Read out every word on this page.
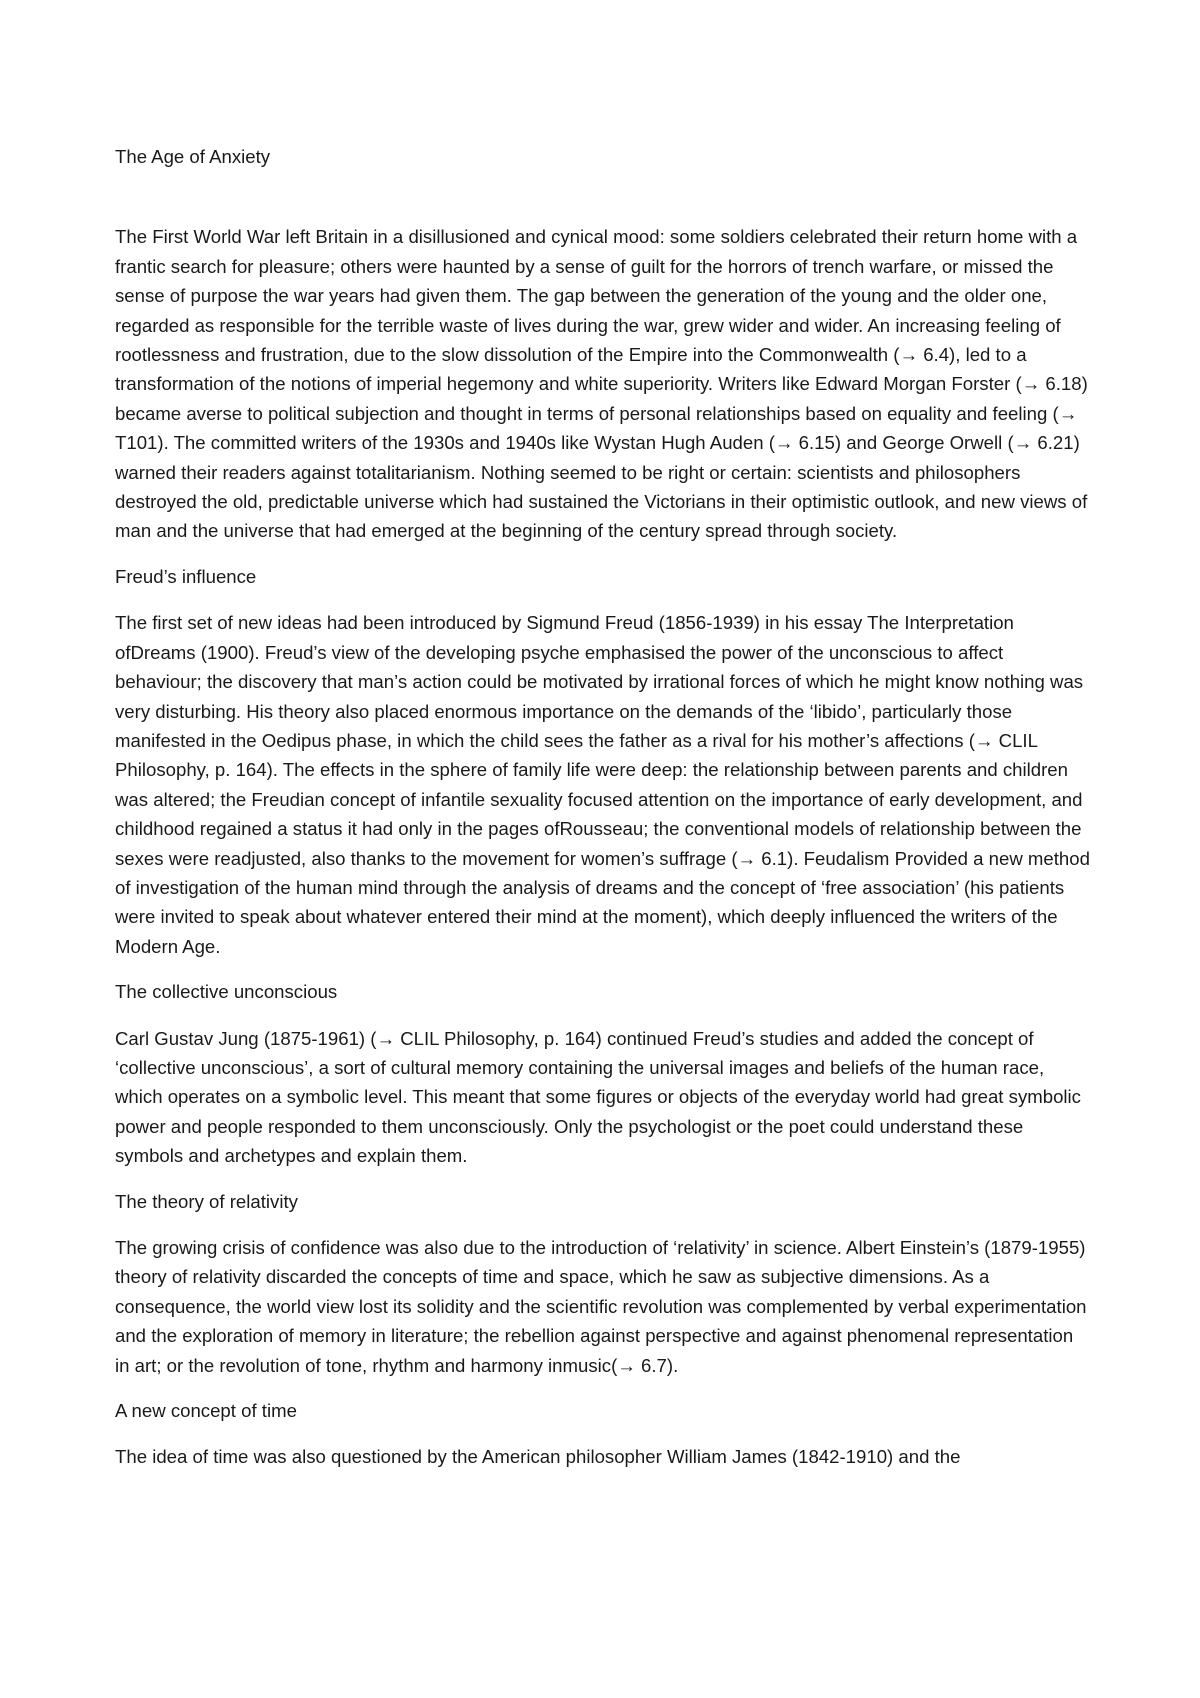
The Age of Anxiety

The First World War left Britain in a disillusioned and cynical mood: some soldiers celebrated their return home with a frantic search for pleasure; others were haunted by a sense of guilt for the horrors of trench warfare, or missed the sense of purpose the war years had given them. The gap between the generation of the young and the older one, regarded as responsible for the terrible waste of lives during the war, grew wider and wider. An increasing feeling of rootlessness and frustration, due to the slow dissolution of the Empire into the Commonwealth (→ 6.4), led to a transformation of the notions of imperial hegemony and white superiority. Writers like Edward Morgan Forster (→ 6.18) became averse to political subjection and thought in terms of personal relationships based on equality and feeling (→ T101). The committed writers of the 1930s and 1940s like Wystan Hugh Auden (→ 6.15) and George Orwell (→ 6.21) warned their readers against totalitarianism. Nothing seemed to be right or certain: scientists and philosophers destroyed the old, predictable universe which had sustained the Victorians in their optimistic outlook, and new views of man and the universe that had emerged at the beginning of the century spread through society.

Freud’s influence

The first set of new ideas had been introduced by Sigmund Freud (1856-1939) in his essay The Interpretation ofDreams (1900). Freud’s view of the developing psyche emphasised the power of the unconscious to affect behaviour; the discovery that man’s action could be motivated by irrational forces of which he might know nothing was very disturbing. His theory also placed enormous importance on the demands of the ‘libido’, particularly those manifested in the Oedipus phase, in which the child sees the father as a rival for his mother’s affections (→ CLIL Philosophy, p. 164). The effects in the sphere of family life were deep: the relationship between parents and children was altered; the Freudian concept of infantile sexuality focused attention on the importance of early development, and childhood regained a status it had only in the pages ofRousseau; the conventional models of relationship between the sexes were readjusted, also thanks to the movement for women’s suffrage (→ 6.1). Feudalism Provided a new method of investigation of the human mind through the analysis of dreams and the concept of ‘free association’ (his patients were invited to speak about whatever entered their mind at the moment), which deeply influenced the writers of the Modern Age.

The collective unconscious

Carl Gustav Jung (1875-1961) (→ CLIL Philosophy, p. 164) continued Freud’s studies and added the concept of ‘collective unconscious’, a sort of cultural memory containing the universal images and beliefs of the human race, which operates on a symbolic level. This meant that some figures or objects of the everyday world had great symbolic power and people responded to them unconsciously. Only the psychologist or the poet could understand these symbols and archetypes and explain them.

The theory of relativity

The growing crisis of confidence was also due to the introduction of ‘relativity’ in science. Albert Einstein’s (1879-1955) theory of relativity discarded the concepts of time and space, which he saw as subjective dimensions. As a consequence, the world view lost its solidity and the scientific revolution was complemented by verbal experimentation and the exploration of memory in literature; the rebellion against perspective and against phenomenal representation in art; or the revolution of tone, rhythm and harmony inmusic(→ 6.7).

A new concept of time

The idea of time was also questioned by the American philosopher William James (1842-1910) and the
